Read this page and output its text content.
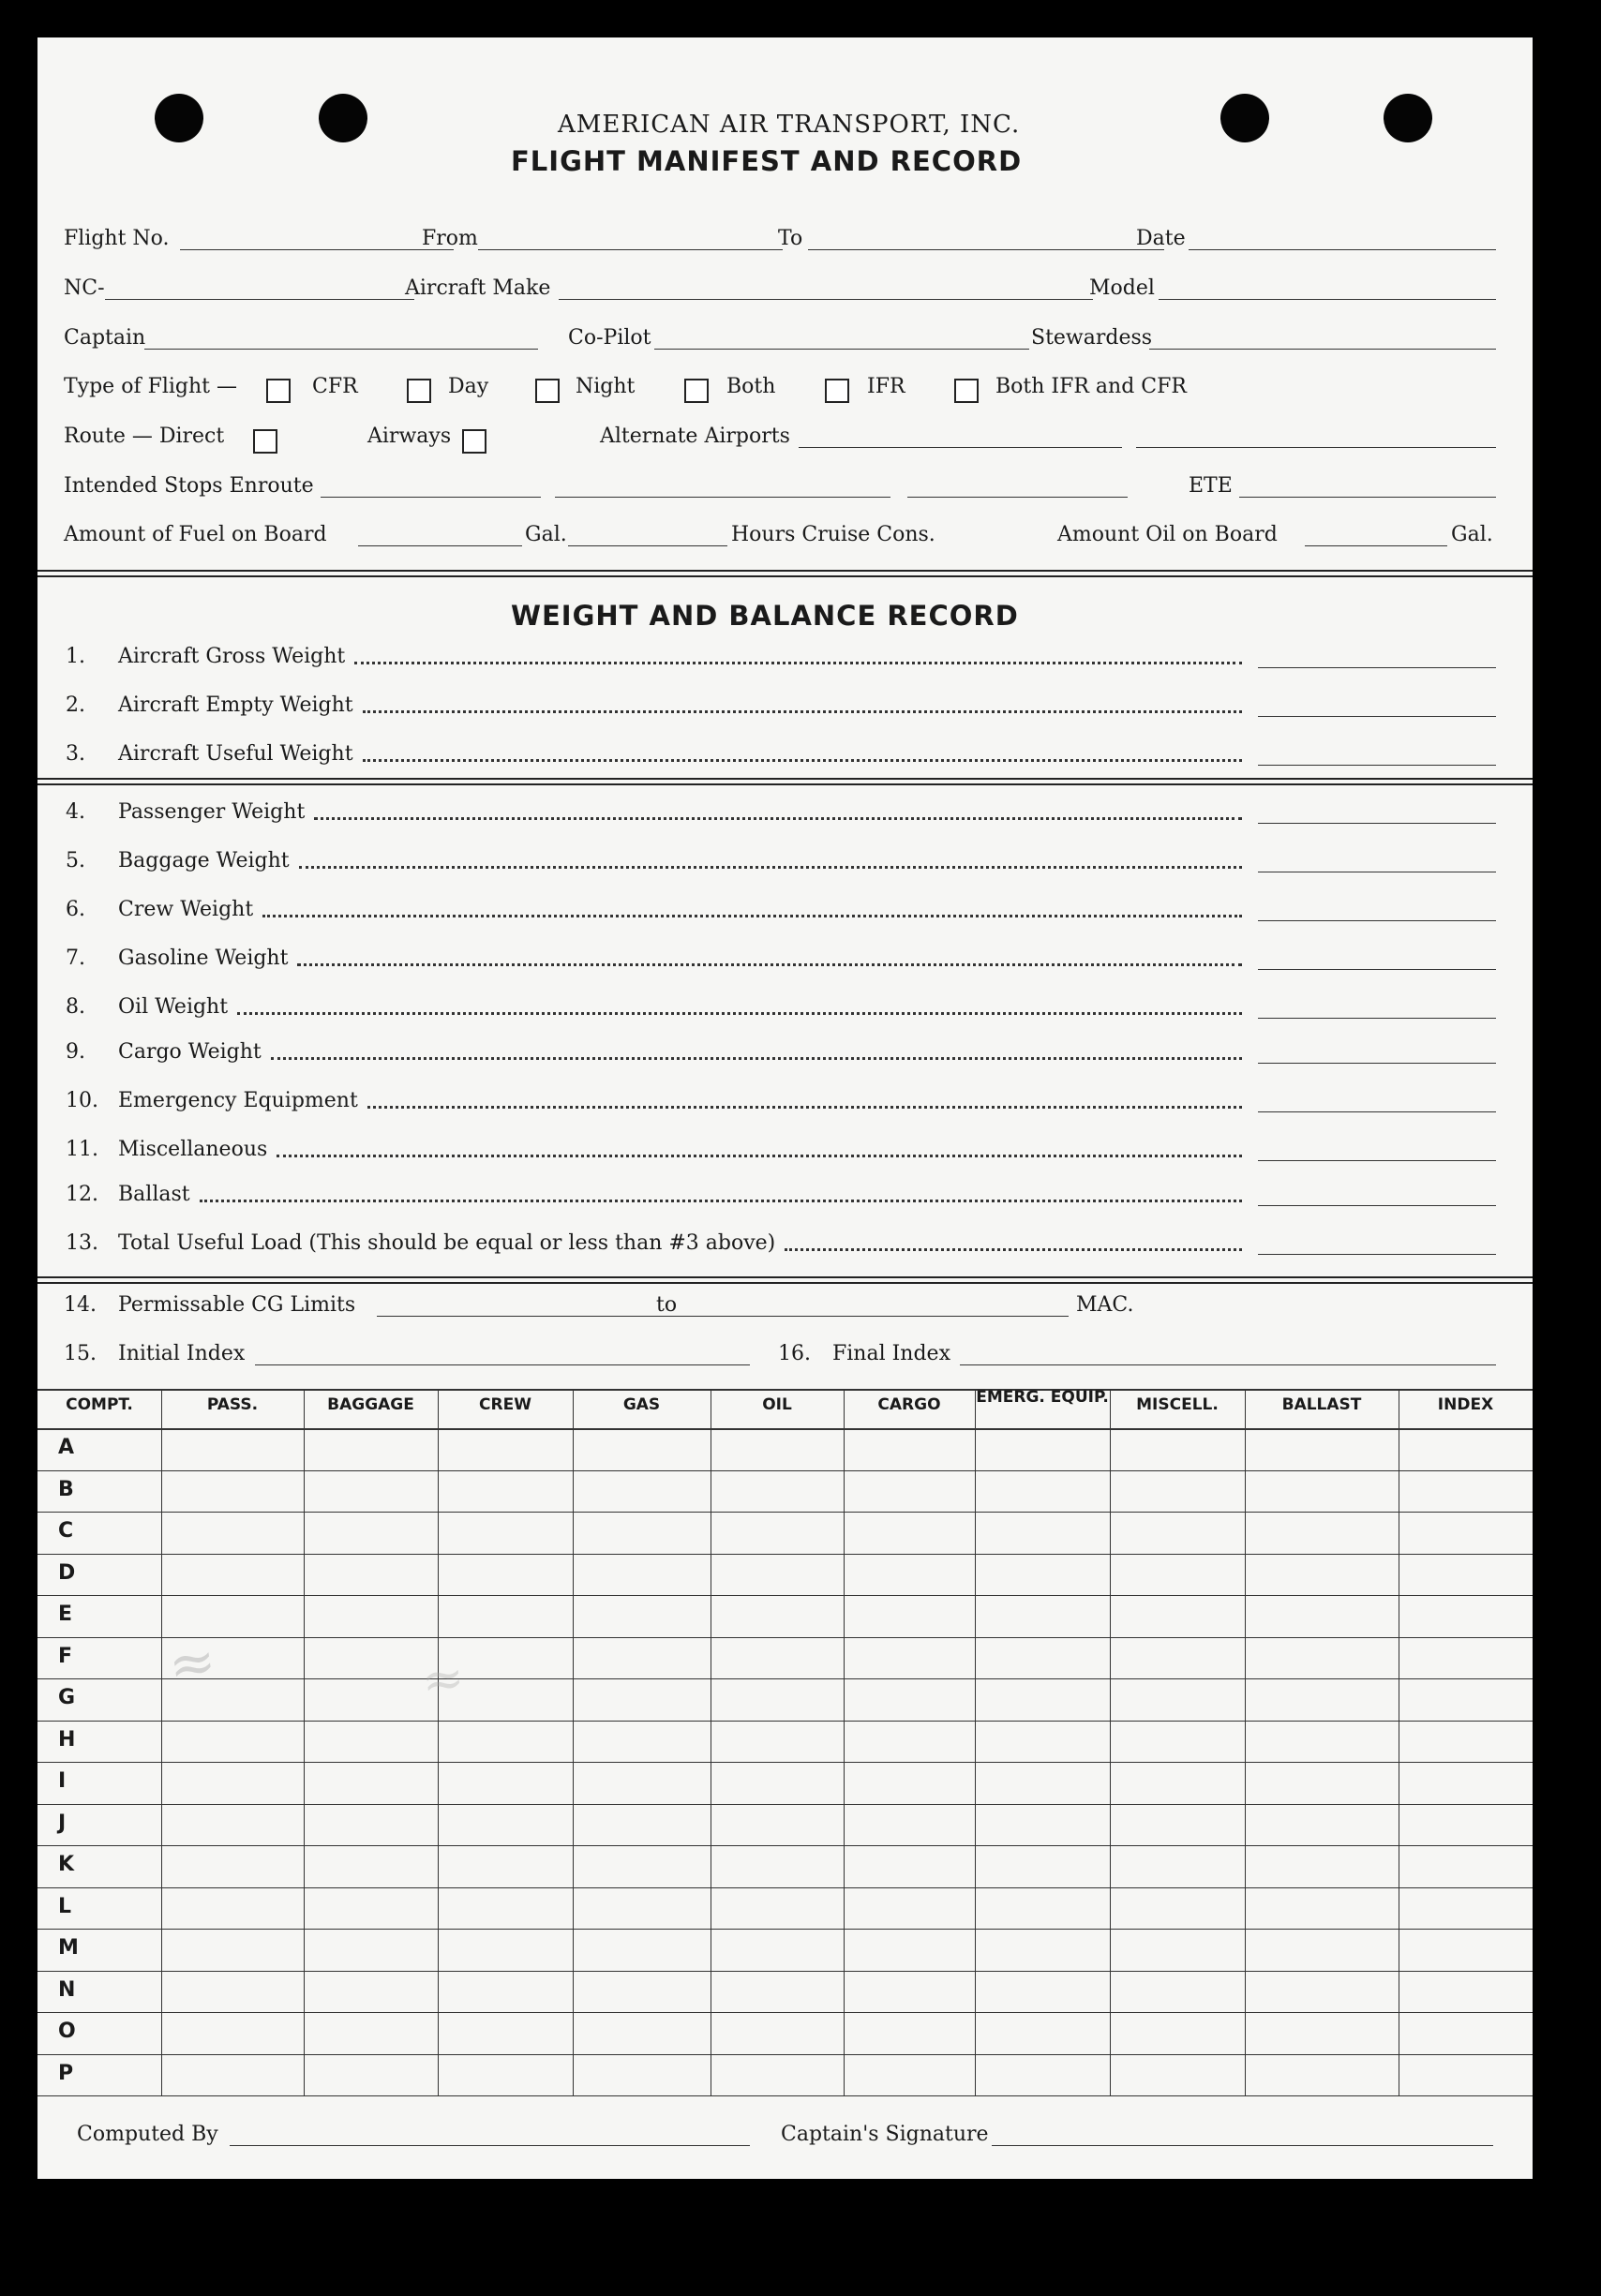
AMERICAN AIR TRANSPORT, INC.
FLIGHT MANIFEST AND RECORD
Flight No.	From	To	Date
NC-	Aircraft Make	Model
Captain	Co-Pilot	Stewardess
Type of Flight —	CFR	Day	Night	Both	IFR	Both IFR and CFR
Route — Direct	Airways	Alternate Airports
Intended Stops Enroute	ETE
Amount of Fuel on Board	Gal.	Hours Cruise Cons.	Amount Oil on Board	Gal.
WEIGHT AND BALANCE RECORD
1. Aircraft Gross Weight
2. Aircraft Empty Weight
3. Aircraft Useful Weight
4. Passenger Weight
5. Baggage Weight
6. Crew Weight
7. Gasoline Weight
8. Oil Weight
9. Cargo Weight
10. Emergency Equipment
11. Miscellaneous
12. Ballast
13. Total Useful Load (This should be equal or less than #3 above)
14. Permissable CG Limits	to	MAC.
15. Initial Index	16. Final Index
COMPT.	PASS.	BAGGAGE	CREW	GAS	OIL	CARGO	EMERG. EQUIP.	MISCELL.	BALLAST	INDEX
A
B
C
D
E
F
G
H
I
J
K
L
M
N
O
P
Computed By	Captain's Signature
≈	≈
